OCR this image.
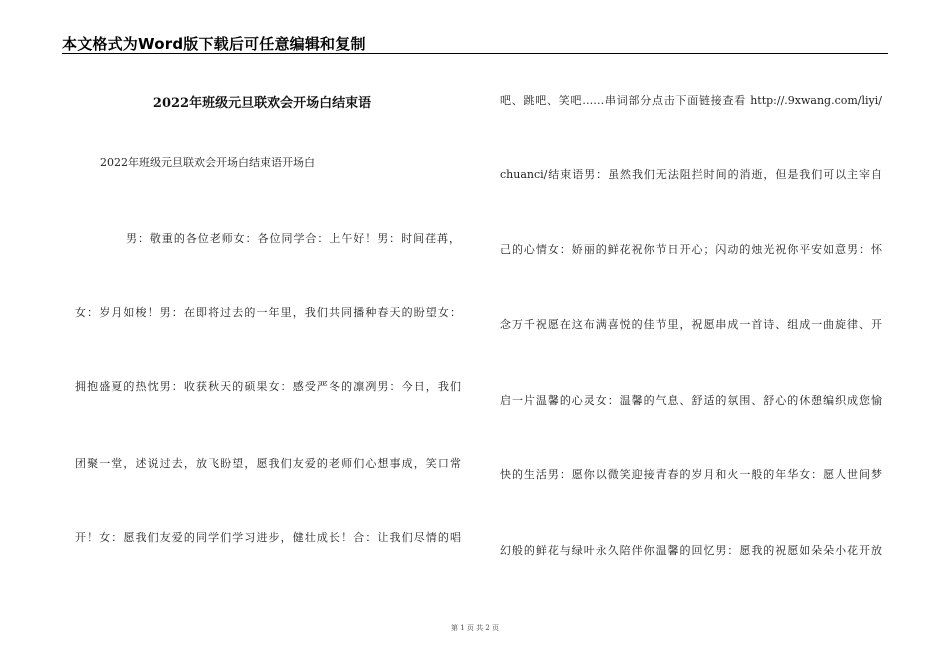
本文格式为Word版下载后可任意编辑和复制
2022年班级元旦联欢会开场白结束语
2022年班级元旦联欢会开场白结束语开场白
男：敬重的各位老师女：各位同学合：上午好！男：时间荏苒，
女：岁月如梭！男：在即将过去的一年里，我们共同播种春天的盼望女：
拥抱盛夏的热忱男：收获秋天的硕果女：感受严冬的凛冽男：今日，我们
团聚一堂，述说过去，放飞盼望，愿我们友爱的老师们心想事成，笑口常
开！女：愿我们友爱的同学们学习进步，健壮成长！合：让我们尽情的唱
吧、跳吧、笑吧……串词部分点击下面链接查看 http://.9xwang.com/liyi/
chuanci/结束语男：虽然我们无法阻拦时间的消逝，但是我们可以主宰自
己的心情女：娇丽的鲜花祝你节日开心；闪动的烛光祝你平安如意男：怀
念万千祝愿在这布满喜悦的佳节里，祝愿串成一首诗、组成一曲旋律、开
启一片温馨的心灵女：温馨的气息、舒适的氛围、舒心的休憩编织成您愉
快的生活男：愿你以微笑迎接青春的岁月和火一般的年华女：愿人世间梦
幻般的鲜花与绿叶永久陪伴你温馨的回忆男：愿我的祝愿如朵朵小花开放
第 1 页 共 2 页
